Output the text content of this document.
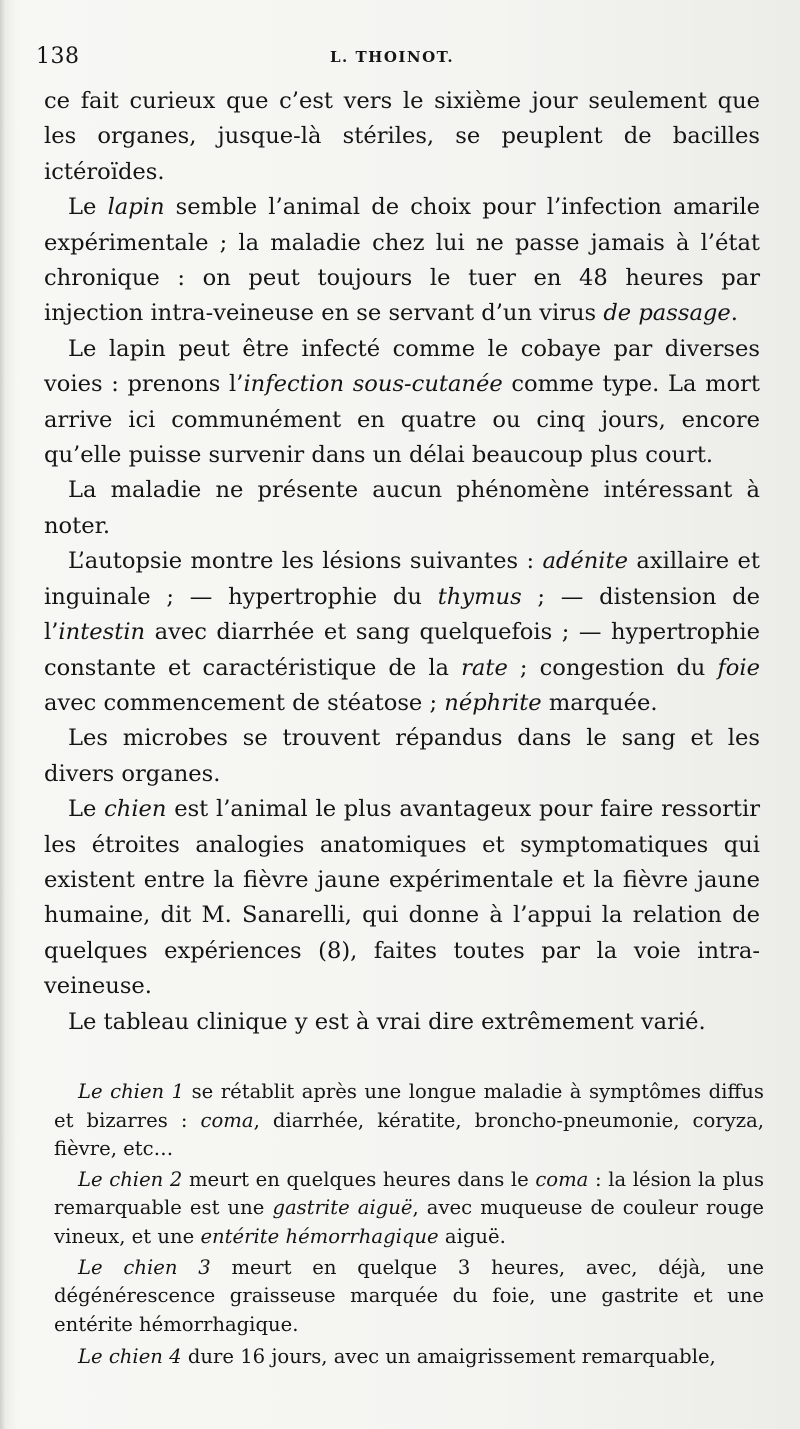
138	L. THOINOT.

ce fait curieux que c’est vers le sixième jour seulement que les organes, jusque-là stériles, se peuplent de bacilles ictéroïdes.

Le lapin semble l’animal de choix pour l’infection amarile expérimentale ; la maladie chez lui ne passe jamais à l’état chronique : on peut toujours le tuer en 48 heures par injection intra-veineuse en se servant d’un virus de passage.

Le lapin peut être infecté comme le cobaye par diverses voies : prenons l’infection sous-cutanée comme type. La mort arrive ici communément en quatre ou cinq jours, encore qu’elle puisse survenir dans un délai beaucoup plus court.

La maladie ne présente aucun phénomène intéressant à noter.

L’autopsie montre les lésions suivantes : adénite axillaire et inguinale ; — hypertrophie du thymus ; — distension de l’intestin avec diarrhée et sang quelquefois ; — hypertrophie constante et caractéristique de la rate ; congestion du foie avec commencement de stéatose ; néphrite marquée.

Les microbes se trouvent répandus dans le sang et les divers organes.

Le chien est l’animal le plus avantageux pour faire ressortir les étroites analogies anatomiques et symptomatiques qui existent entre la fièvre jaune expérimentale et la fièvre jaune humaine, dit M. Sanarelli, qui donne à l’appui la relation de quelques expériences (8), faites toutes par la voie intra-veineuse.

Le tableau clinique y est à vrai dire extrêmement varié.

Le chien 1 se rétablit après une longue maladie à symptômes diffus et bizarres : coma, diarrhée, kératite, broncho-pneumonie, coryza, fièvre, etc…

Le chien 2 meurt en quelques heures dans le coma : la lésion la plus remarquable est une gastrite aiguë, avec muqueuse de couleur rouge vineux, et une entérite hémorrhagique aiguë.

Le chien 3 meurt en quelque 3 heures, avec, déjà, une dégénérescence graisseuse marquée du foie, une gastrite et une entérite hémorrhagique.

Le chien 4 dure 16 jours, avec un amaigrissement remarquable,
